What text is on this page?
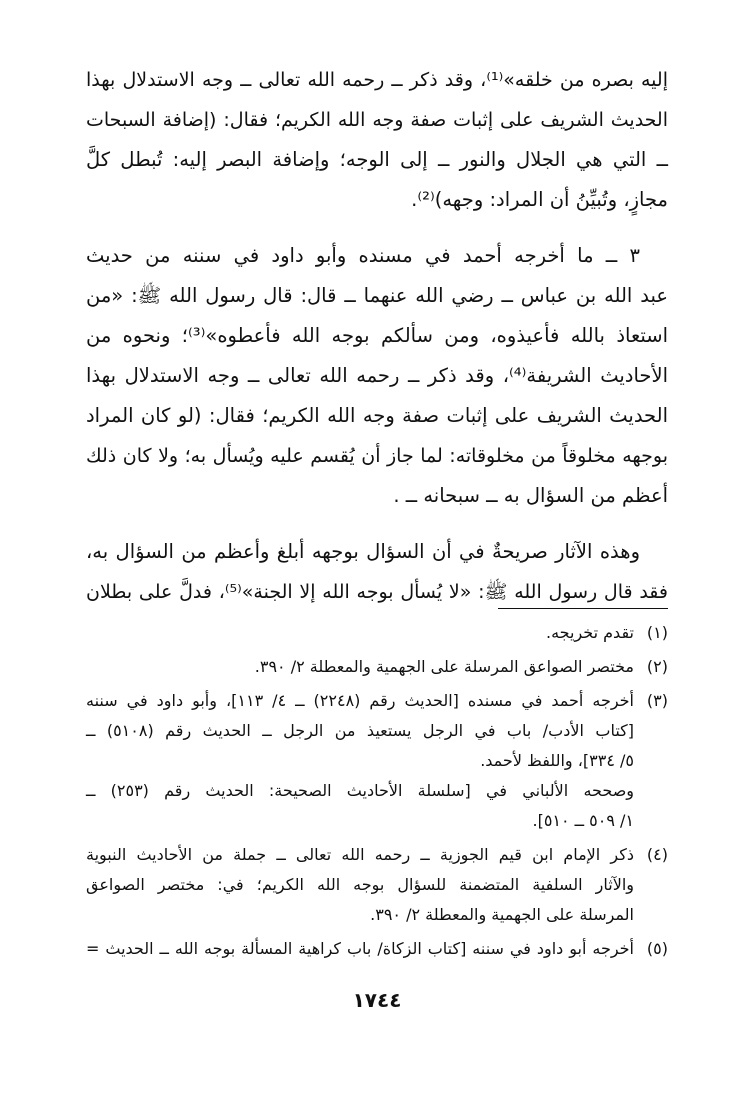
إليه بصره من خلقه»⁽¹⁾، وقد ذكر ــ رحمه الله تعالى ــ وجه الاستدلال بهذا
الحديث الشريف على إثبات صفة وجه الله الكريم؛ فقال: (إضافة السبحات
ــ التي هي الجلال والنور ــ إلى الوجه؛ وإضافة البصر إليه: تُبطل كلَّ
مجازٍ، وتُبيِّنُ أن المراد: وجهه)⁽²⁾.
٣ ــ ما أخرجه أحمد في مسنده وأبو داود في سننه من حديث
عبد الله بن عباس ــ رضي الله عنهما ــ قال: قال رسول الله ﷺ: «من
استعاذ بالله فأعيذوه، ومن سألكم بوجه الله فأعطوه»⁽³⁾؛ ونحوه من
الأحاديث الشريفة⁽⁴⁾، وقد ذكر ــ رحمه الله تعالى ــ وجه الاستدلال بهذا
الحديث الشريف على إثبات صفة وجه الله الكريم؛ فقال: (لو كان المراد
بوجهه مخلوقاً من مخلوقاته: لما جاز أن يُقسم عليه ويُسأل به؛ ولا كان ذلك
أعظم من السؤال به ــ سبحانه ــ .
وهذه الآثار صريحةٌ في أن السؤال بوجهه أبلغ وأعظم من السؤال به،
فقد قال رسول الله ﷺ: «لا يُسأل بوجه الله إلا الجنة»⁽⁵⁾، فدلَّ على بطلان
(١)
تقدم تخريجه.
(٢)
مختصر الصواعق المرسلة على الجهمية والمعطلة ٢/ ٣٩٠.
(٣)
أخرجه أحمد في مسنده [الحديث رقم (٢٢٤٨) ــ ٤/ ١١٣]، وأبو داود في سننه
[كتاب الأدب/ باب في الرجل يستعيذ من الرجل ــ الحديث رقم (٥١٠٨) ــ
٥/ ٣٣٤]، واللفظ لأحمد.
وصححه الألباني في [سلسلة الأحاديث الصحيحة: الحديث رقم (٢٥٣) ــ
١/ ٥٠٩ ــ ٥١٠].
(٤)
ذكر الإمام ابن قيم الجوزية ــ رحمه الله تعالى ــ جملة من الأحاديث النبوية
والآثار السلفية المتضمنة للسؤال بوجه الله الكريم؛ في: مختصر الصواعق
المرسلة على الجهمية والمعطلة ٢/ ٣٩٠.
(٥)
أخرجه أبو داود في سننه [كتاب الزكاة/ باب كراهية المسألة بوجه الله ــ الحديث =
١٧٤٤
